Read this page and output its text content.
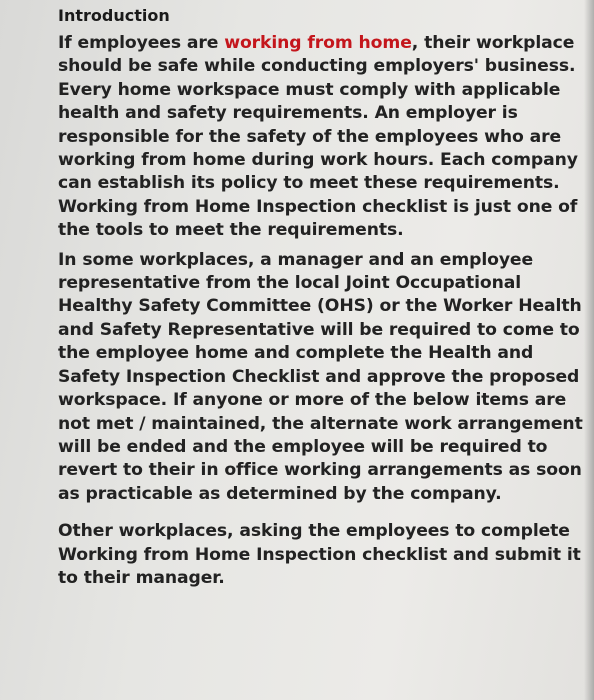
Introduction

If employees are working from home, their workplace should be safe while conducting employers' business. Every home workspace must comply with applicable health and safety requirements. An employer is responsible for the safety of the employees who are working from home during work hours. Each company can establish its policy to meet these requirements. Working from Home Inspection checklist is just one of the tools to meet the requirements.

In some workplaces, a manager and an employee representative from the local Joint Occupational Healthy Safety Committee (OHS) or the Worker Health and Safety Representative will be required to come to the employee home and complete the Health and Safety Inspection Checklist and approve the proposed workspace. If anyone or more of the below items are not met / maintained, the alternate work arrangement will be ended and the employee will be required to revert to their in office working arrangements as soon as practicable as determined by the company.

Other workplaces, asking the employees to complete Working from Home Inspection checklist and submit it to their manager.
